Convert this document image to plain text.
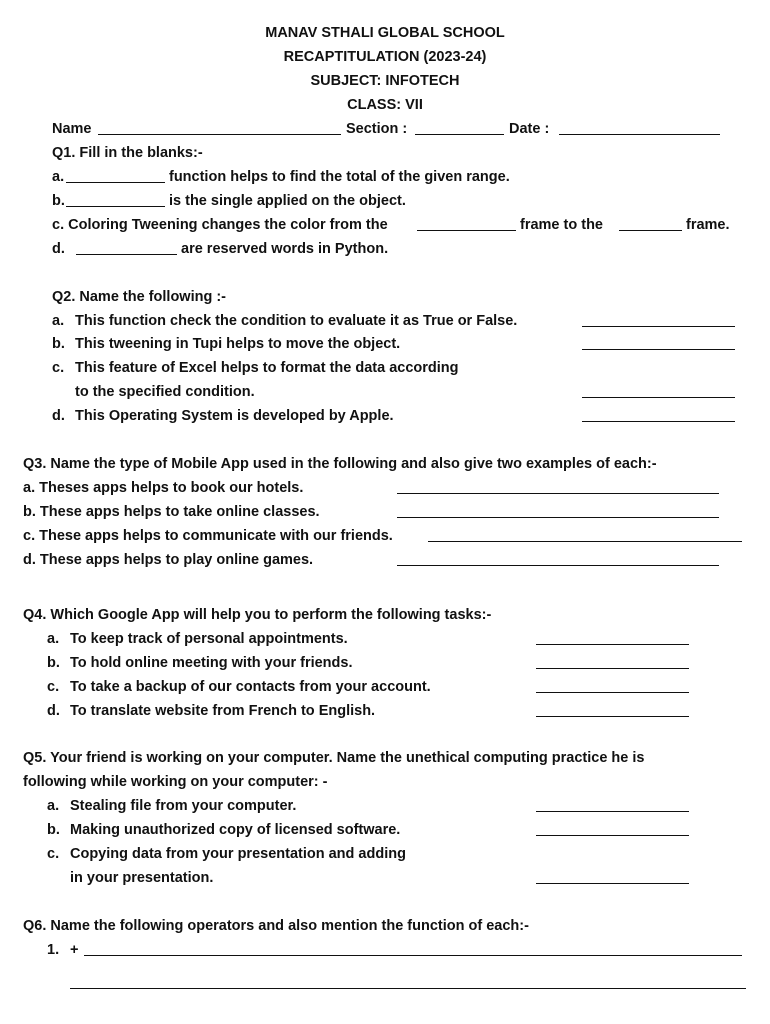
MANAV STHALI GLOBAL SCHOOL
RECAPTITULATION (2023-24)
SUBJECT: INFOTECH
CLASS: VII
Name	Section :	Date :
Q1. Fill in the blanks:-
a.	function helps to find the total of the given range.
b.	is the single applied on the object.
c. Coloring Tweening changes the color from the	frame to the	frame.
d.	are reserved words in Python.
Q2. Name the following :-
a. This function check the condition to evaluate it as True or False.
b. This tweening in Tupi helps to move the object.
c. This feature of Excel helps to format the data according
to the specified condition.
d. This Operating System is developed by Apple.
Q3. Name the type of Mobile App used in the following and also give two examples of each:-
a. Theses apps helps to book our hotels.
b. These apps helps to take online classes.
c. These apps helps to communicate with our friends.
d. These apps helps to play online games.
Q4. Which Google App will help you to perform the following tasks:-
a. To keep track of personal appointments.
b. To hold online meeting with your friends.
c. To take a backup of our contacts from your account.
d. To translate website from French to English.
Q5. Your friend is working on your computer. Name the unethical computing practice he is
following while working on your computer: -
a. Stealing file from your computer.
b. Making unauthorized copy of licensed software.
c. Copying data from your presentation and adding
in your presentation.
Q6. Name the following operators and also mention the function of each:-
1. +
